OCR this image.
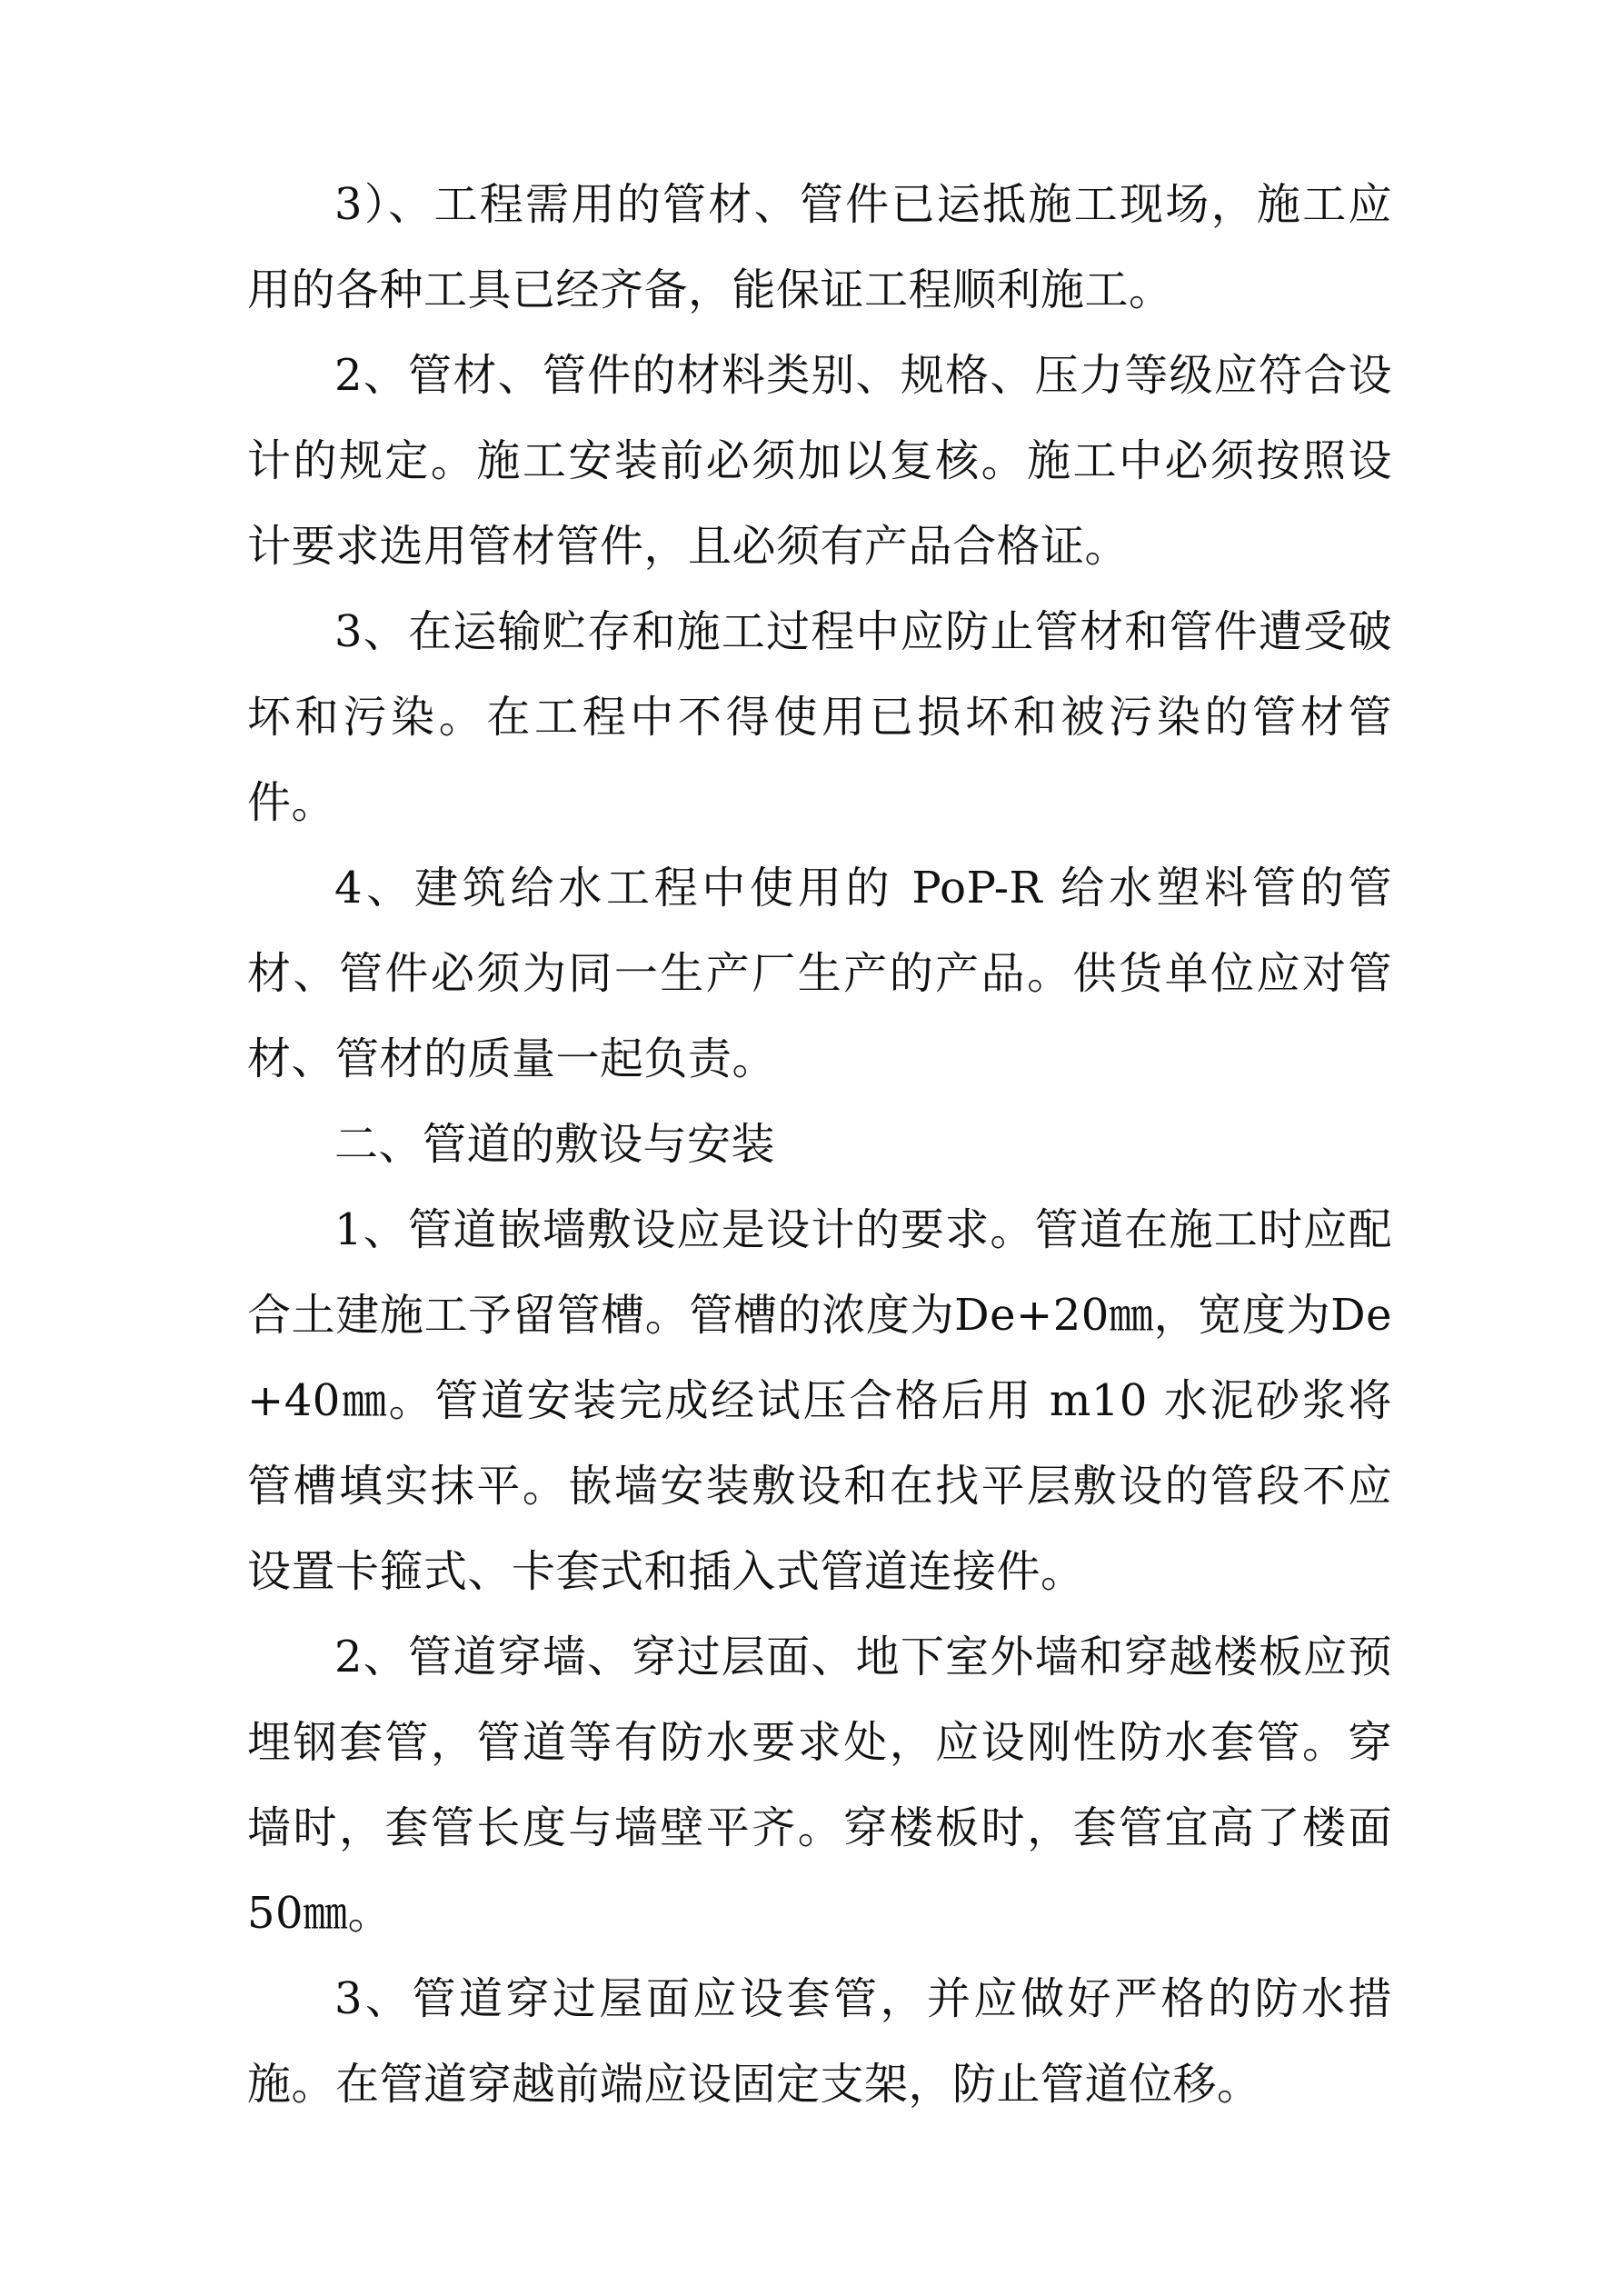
3）、工程需用的管材、管件已运抵施工现场，施工应用的各种工具已经齐备，能保证工程顺利施工。

2、管材、管件的材料类别、规格、压力等级应符合设计的规定。施工安装前必须加以复核。施工中必须按照设计要求选用管材管件，且必须有产品合格证。

3、在运输贮存和施工过程中应防止管材和管件遭受破坏和污染。在工程中不得使用已损坏和被污染的管材管件。

4、建筑给水工程中使用的 PoP-R 给水塑料管的管材、管件必须为同一生产厂生产的产品。供货单位应对管材、管材的质量一起负责。

二、管道的敷设与安装

1、管道嵌墙敷设应是设计的要求。管道在施工时应配合土建施工予留管槽。管槽的浓度为De+20㎜，宽度为De+40㎜。管道安装完成经试压合格后用 m10 水泥砂浆将管槽填实抹平。嵌墙安装敷设和在找平层敷设的管段不应设置卡箍式、卡套式和插入式管道连接件。

2、管道穿墙、穿过层面、地下室外墙和穿越楼板应预埋钢套管，管道等有防水要求处，应设刚性防水套管。穿墙时，套管长度与墙壁平齐。穿楼板时，套管宜高了楼面　50㎜。

3、管道穿过屋面应设套管，并应做好严格的防水措施。在管道穿越前端应设固定支架，防止管道位移。
